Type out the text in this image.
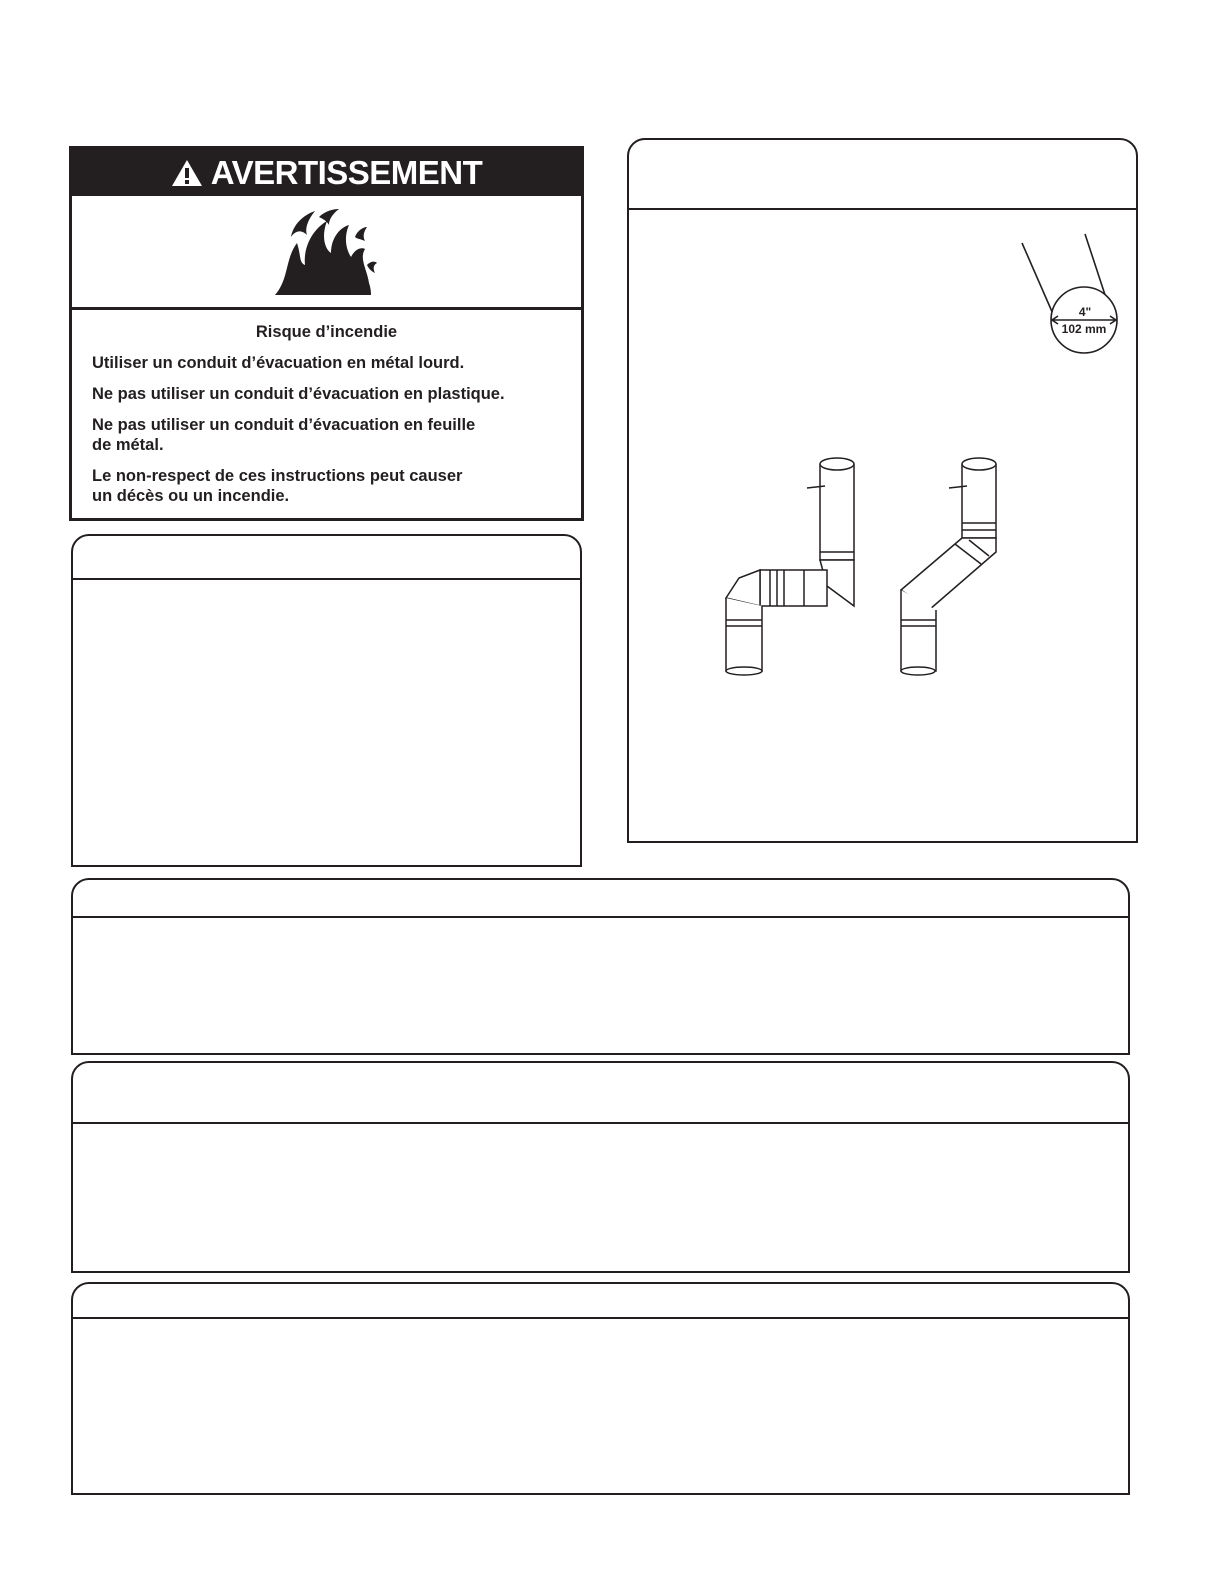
AVERTISSEMENT
Risque d’incendie
Utiliser un conduit d’évacuation en métal lourd.
Ne pas utiliser un conduit d’évacuation en plastique.
Ne pas utiliser un conduit d’évacuation en feuille
de métal.
Le non-respect de ces instructions peut causer
un décès ou un incendie.
4"
102 mm
